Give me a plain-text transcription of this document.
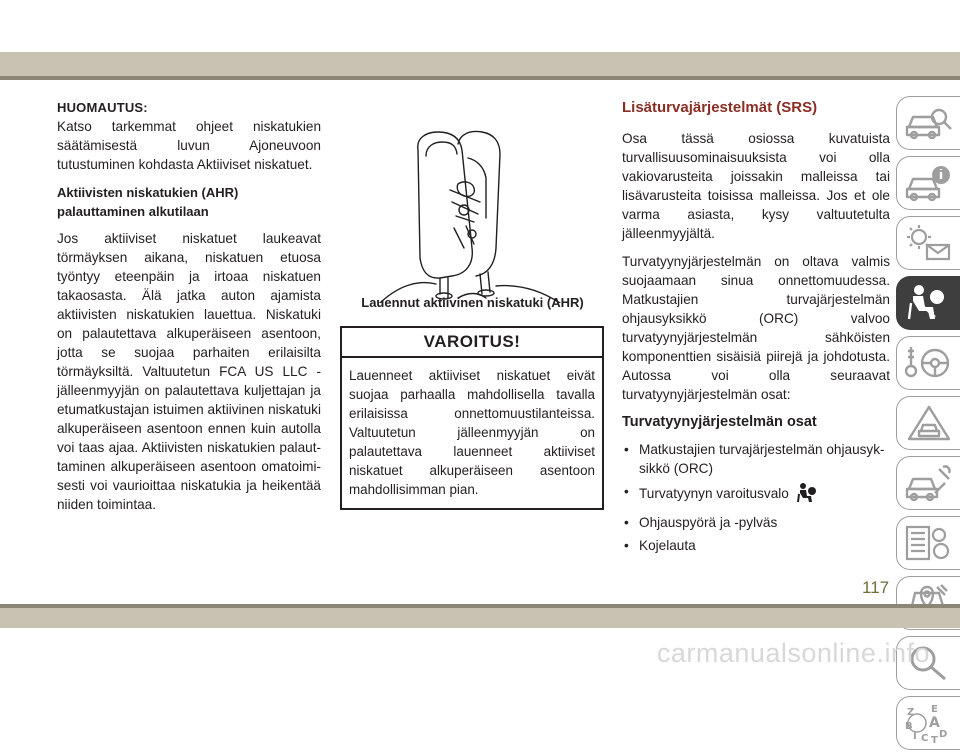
HUOMAUTUS:

Katso tarkemmat ohjeet niskatukien säätämisestä luvun Ajoneuvoon tutustuminen kohdasta Aktiiviset niskatuet.

Aktiivisten niskatukien (AHR) palauttaminen alkutilaan

Jos aktiiviset niskatuet laukeavat törmäyksen aikana, niskatuen etuosa työntyy eteenpäin ja irtoaa niskatuen takaosasta. Älä jatka auton ajamista aktiivisten niskatukien lauettua. Niskatuki on palautettava alkuperäiseen asentoon, jotta se suojaa parhaiten erilaisilta törmäyksiltä. Valtuutetun FCA US LLC -jälleenmyyjän on palautettava kuljettajan ja etumatkustajan istuimen aktiivinen niskatuki alkuperäiseen asentoon ennen kuin autolla voi taas ajaa. Aktiivisten niskatukien palauttaminen alkuperäiseen asentoon omatoimisesti voi vaurioittaa niskatukia ja heikentää niiden toimintaa.

Lauennut aktiivinen niskatuki (AHR)
VAROITUS!
Lauenneet aktiiviset niskatuet eivät suojaa parhaalla mahdollisella tavalla erilaisissa onnettomuustilanteissa. Valtuutetun jälleenmyyjän on palautettava lauenneet aktiiviset niskatuet alkuperäiseen asentoon mahdollisimman pian.

Lisäturvajärjestelmät (SRS)

Osa tässä osiossa kuvatuista turvallisuusominaisuuksista voi olla vakiovarusteita joissakin malleissa tai lisävarusteita toisissa malleissa. Jos et ole varma asiasta, kysy valtuutetulta jälleenmyyjältä.

Turvatyynyjärjestelmän on oltava valmis suojaamaan sinua onnettomuudessa. Matkustajien turvajärjestelmän ohjausyksikkö (ORC) valvoo turvatyynyjärjestelmän sähköisten komponenttien sisäisiä piirejä ja johdotusta. Autossa voi olla seuraavat turvatyynyjärjestelmän osat:

Turvatyynyjärjestelmän osat

• Matkustajien turvajärjestelmän ohjausyksikkö (ORC)
• Turvatyynyn varoitusvalo
• Ohjauspyörä ja -pylväs
• Kojelauta
Z E
B A
C D
I T
117
carmanualsonline.info
